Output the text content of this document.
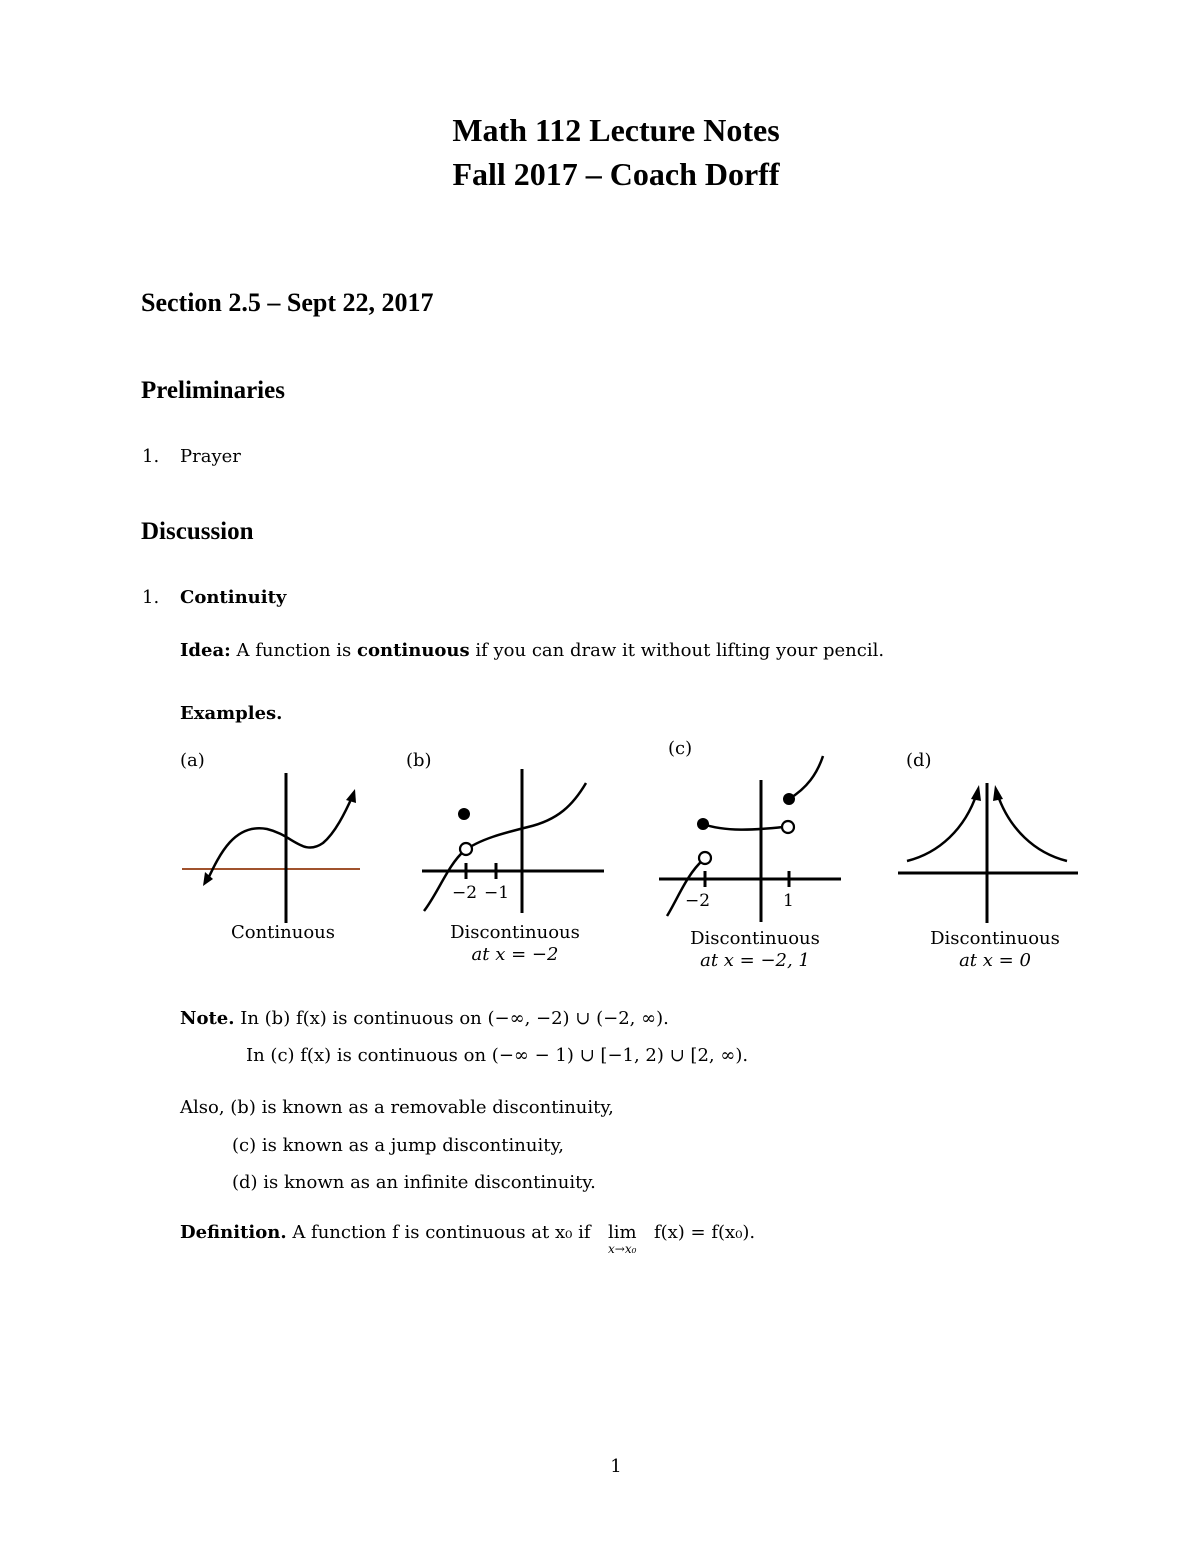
Math 112 Lecture Notes
Fall 2017 – Coach Dorff
Section 2.5 – Sept 22, 2017
Preliminaries
1. Prayer
Discussion
1. Continuity
Idea: A function is continuous if you can draw it without lifting your pencil.
Examples.
(a)	(b)
(c)
(d)
Continuous
−2 −1
Discontinuous
at x = −2
−2	1
Discontinuous
at x = −2, 1
Discontinuous
at x = 0
Note. In (b) f(x) is continuous on (−∞, −2) ∪ (−2, ∞).
In (c) f(x) is continuous on (−∞ − 1) ∪ [−1, 2) ∪ [2, ∞).
Also, (b) is known as a removable discontinuity,
(c) is known as a jump discontinuity,
(d) is known as an infinite discontinuity.
Definition. A function f is continuous at x₀ if lim
x→x₀
f(x) = f(x₀).
1
